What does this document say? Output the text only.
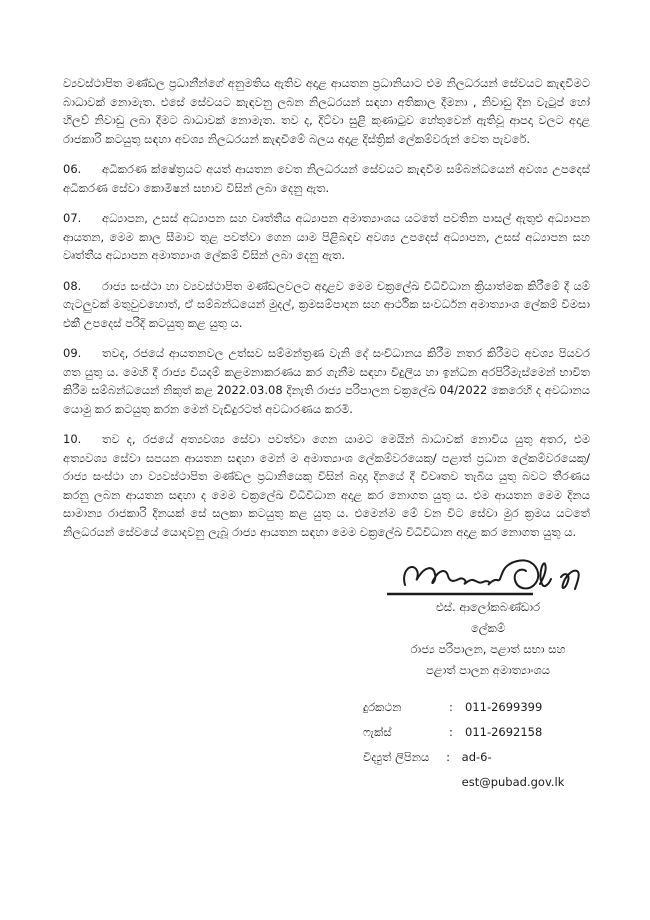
ව්‍යවස්ථාපිත මණ්ඩල ප්‍රධානීන්ගේ අනුමතිය ඇතිව අදාළ ආයතන ප්‍රධානියාට එම නිලධරයන් සේවයට කැඳවීමට බාධාවක් නොමැත. එසේ සේවයට කැඳවනු ලබන නිලධරයන් සඳහා අතිකාල දීමනා , නිවාඩු දින වැටුප් හෝ හිලව් නිවාඩු ලබා දීමට බාධාවක් නොමැත. තව ද, දිට්වා සුළි කුණාටුව හේතුවෙන් ඇතිවූ ආපදා වලට අදාළ රාජකාරි කටයුතු සඳහා අවශ්‍ය නිලධරයන් කැඳවීමේ බලය අදාළ දිස්ත්‍රික් ලේකම්වරුන් වෙත පැවරේ.

06. අධිකරණ ක්ෂේත්‍රයට අයත් ආයතන වෙත නිලධරයන් සේවයට කැඳවීම සම්බන්ධයෙන් අවශ්‍ය උපදෙස් අධිකරණ සේවා කොමිෂන් සභාව විසින් ලබා දෙනු ඇත.

07. අධ්‍යාපන, උසස් අධ්‍යාපන සහ වෘත්තීය අධ්‍යාපන අමාත්‍යාංශය යටතේ පවතින පාසල් ඇතුළු අධ්‍යාපන ආයතන, මෙම කාල සීමාව තුළ පවත්වා ගෙන යාම පිළිබඳව අවශ්‍ය උපදෙස් අධ්‍යාපන, උසස් අධ්‍යාපන සහ වෘත්තීය අධ්‍යාපන අමාත්‍යාංශ ලේකම් විසින් ලබා දෙනු ඇත.

08. රාජ්‍ය සංස්ථා හා ව්‍යවස්ථාපිත මණ්ඩලවලට අදාළව මෙම චක්‍රලේඛ විධිවිධාන ක්‍රියාත්මක කිරීමේ දී යම් ගැටලුවක් මතුවුවහොත්, ඒ සම්බන්ධයෙන් මුදල්, ක්‍රමසම්පාදන සහ ආර්ථික සංවර්ධන අමාත්‍යාංශ ලේකම් විමසා එකී උපදෙස් පරිදි කටයුතු කළ යුතු ය.

09. තවද, රජයේ ආයතනවල උත්සව සම්මන්ත්‍රණ වැනි දේ සංවිධානය කිරීම නතර කිරීමට අවශ්‍ය පියවර ගත යුතු ය. මෙහි දී රාජ්‍ය වියදම් කළමනාකරණය කර ගැනීම සඳහා විදුලිය හා ඉන්ධන අරපිරිමැස්මෙන් භාවිත කිරීම සම්බන්ධයෙන් නිකුත් කළ 2022.03.08 දිනැති රාජ්‍ය පරිපාලන චක්‍රලේඛ 04/2022 කෙරෙහි ද අවධානය යොමු කර කටයුතු කරන මෙන් වැඩිදුරටත් අවධාරණය කරමි.

10. තව ද, රජයේ අත්‍යවශ්‍ය සේවා පවත්වා ගෙන යාමට මෙයින් බාධාවක් නොවිය යුතු අතර, එම අත්‍යවශ්‍ය සේවා සපයන ආයතන සඳහා මෙන් ම අමාත්‍යාංශ ලේකම්වරයෙකු/ පළාත් ප්‍රධාන ලේකම්වරයෙකු/ රාජ්‍ය සංස්ථා හා ව්‍යවස්ථාපිත මණ්ඩල ප්‍රධානියෙකු විසින් බදාදා දිනයේ දී විවෘතව තැබිය යුතු බවට තීරණය කරනු ලබන ආයතන සඳහා ද මෙම චක්‍රලේඛ විධිවිධාන අදාළ කර නොගත යුතු ය. එම ආයතන මෙම දිනය සාමාන්‍ය රාජකාරි දිනයක් සේ සලකා කටයුතු කළ යුතු ය. එමෙන්ම මේ වන විට සේවා මුර ක්‍රමය යටතේ නිලධරයන් සේවයේ යොදවනු ලැබූ රාජ්‍ය ආයතන සඳහා මෙම චක්‍රලේඛ විධිවිධාන අදාළ කර නොගත යුතු ය.

එස්. ආලෝකබණ්ඩාර
ලේකම්
රාජ්‍ය පරිපාලන, පළාත් සභා සහ
පළාත් පාලන අමාත්‍යාංශය
දුරකථන	:	011-2699399
ෆැක්ස්	:	011-2692158
විද්‍යුත් ලිපිනය	:	ad-6-est@pubad.gov.lk
